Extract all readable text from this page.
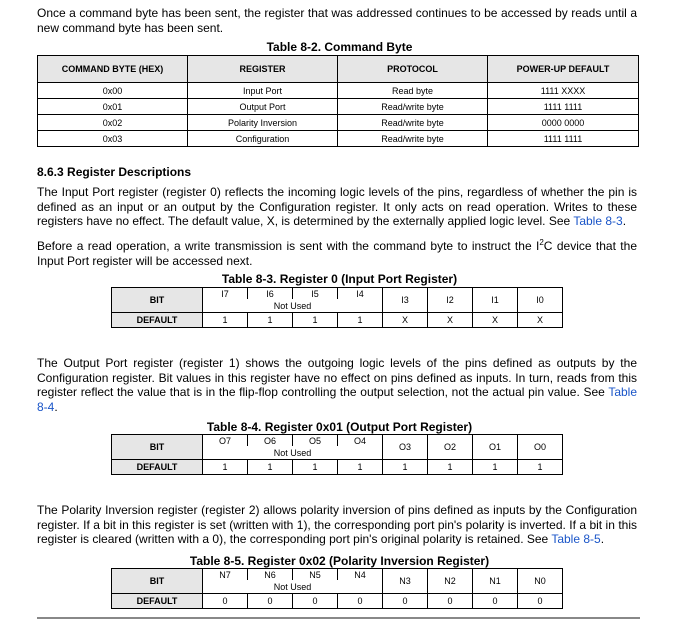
Once a command byte has been sent, the register that was addressed continues to be accessed by reads until a new command byte has been sent.
Table 8-2. Command Byte
COMMAND BYTE (HEX)	REGISTER	PROTOCOL	POWER-UP DEFAULT
0x00	Input Port	Read byte	1111 XXXX
0x01	Output Port	Read/write byte	1111 1111
0x02	Polarity Inversion	Read/write byte	0000 0000
0x03	Configuration	Read/write byte	1111 1111
8.6.3 Register Descriptions
The Input Port register (register 0) reflects the incoming logic levels of the pins, regardless of whether the pin is defined as an input or an output by the Configuration register. It only acts on read operation. Writes to these registers have no effect. The default value, X, is determined by the externally applied logic level. See Table 8-3.
Before a read operation, a write transmission is sent with the command byte to instruct the $I^2C$ device that the Input Port register will be accessed next.
Table 8-3. Register 0 (Input Port Register)
BIT	I7	I6	I5	I4	I3	I2	I1	I0
	Not Used							
DEFAULT	1	1	1	1	X	X	X	X
The Output Port register (register 1) shows the outgoing logic levels of the pins defined as outputs by the Configuration register. Bit values in this register have no effect on pins defined as inputs. In turn, reads from this register reflect the value that is in the flip-flop controlling the output selection, not the actual pin value. See Table 8-4.
Table 8-4. Register 0x01 (Output Port Register)
BIT	O7	O6	O5	O4	O3	O2	O1	O0
	Not Used							
DEFAULT	1	1	1	1	1	1	1	1
The Polarity Inversion register (register 2) allows polarity inversion of pins defined as inputs by the Configuration register. If a bit in this register is set (written with 1), the corresponding port pin's polarity is inverted. If a bit in this register is cleared (written with a 0), the corresponding port pin's original polarity is retained. See Table 8-5.
Table 8-5. Register 0x02 (Polarity Inversion Register)
BIT	N7	N6	N5	N4	N3	N2	N1	N0
	Not Used							
DEFAULT	0	0	0	0	0	0	0	0
